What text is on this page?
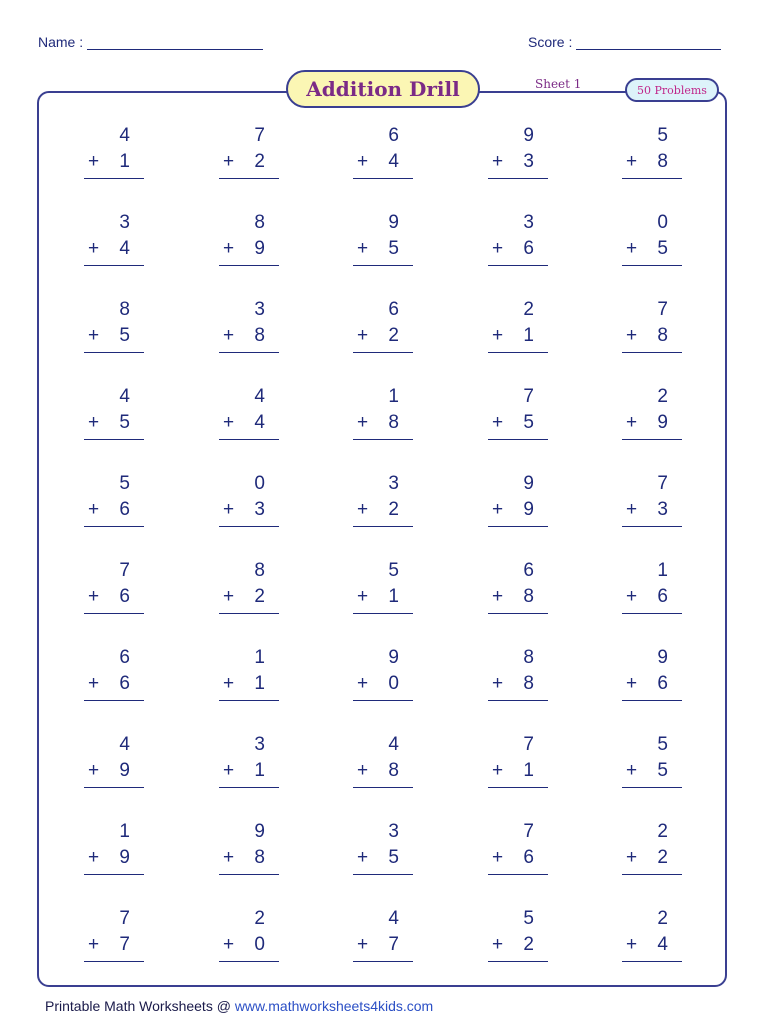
Name :	Score :
Addition Drill	Sheet 1	50 Problems
4
+ 1
7
+ 2
6
+ 4
9
+ 3
5
+ 8
3
+ 4
8
+ 9
9
+ 5
3
+ 6
0
+ 5
8
+ 5
3
+ 8
6
+ 2
2
+ 1
7
+ 8
4
+ 5
4
+ 4
1
+ 8
7
+ 5
2
+ 9
5
+ 6
0
+ 3
3
+ 2
9
+ 9
7
+ 3
7
+ 6
8
+ 2
5
+ 1
6
+ 8
1
+ 6
6
+ 6
1
+ 1
9
+ 0
8
+ 8
9
+ 6
4
+ 9
3
+ 1
4
+ 8
7
+ 1
5
+ 5
1
+ 9
9
+ 8
3
+ 5
7
+ 6
2
+ 2
7
+ 7
2
+ 0
4
+ 7
5
+ 2
2
+ 4
Printable Math Worksheets @ www.mathworksheets4kids.com
